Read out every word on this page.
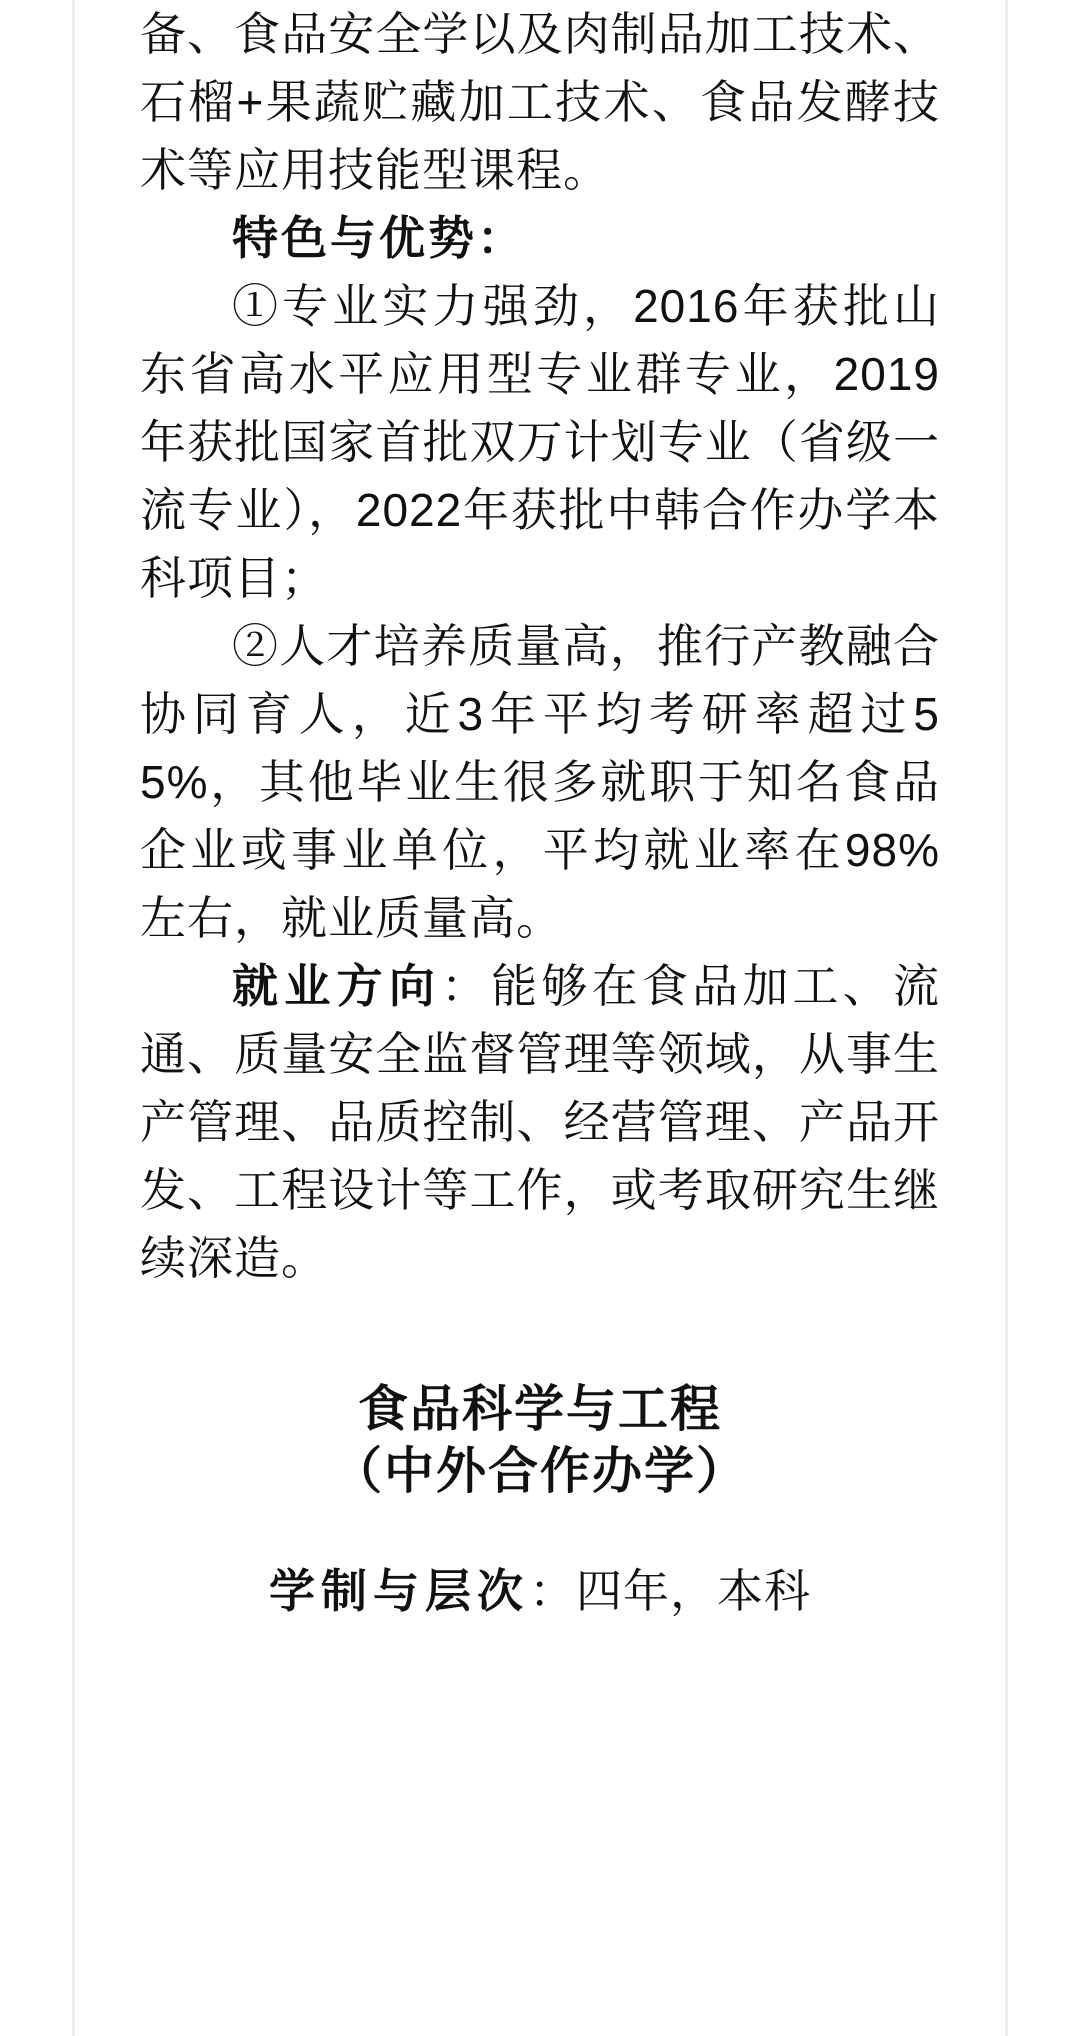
备、食品安全学以及肉制品加工技术、石榴+果蔬贮藏加工技术、食品发酵技术等应用技能型课程。

特色与优势：

①专业实力强劲，2016年获批山东省高水平应用型专业群专业，2019年获批国家首批双万计划专业（省级一流专业），2022年获批中韩合作办学本科项目；

②人才培养质量高，推行产教融合协同育人，近3年平均考研率超过55%，其他毕业生很多就职于知名食品企业或事业单位，平均就业率在98%左右，就业质量高。

就业方向：能够在食品加工、流通、质量安全监督管理等领域，从事生产管理、品质控制、经营管理、产品开发、工程设计等工作，或考取研究生继续深造。

食品科学与工程

（中外合作办学）

学制与层次：四年，本科
